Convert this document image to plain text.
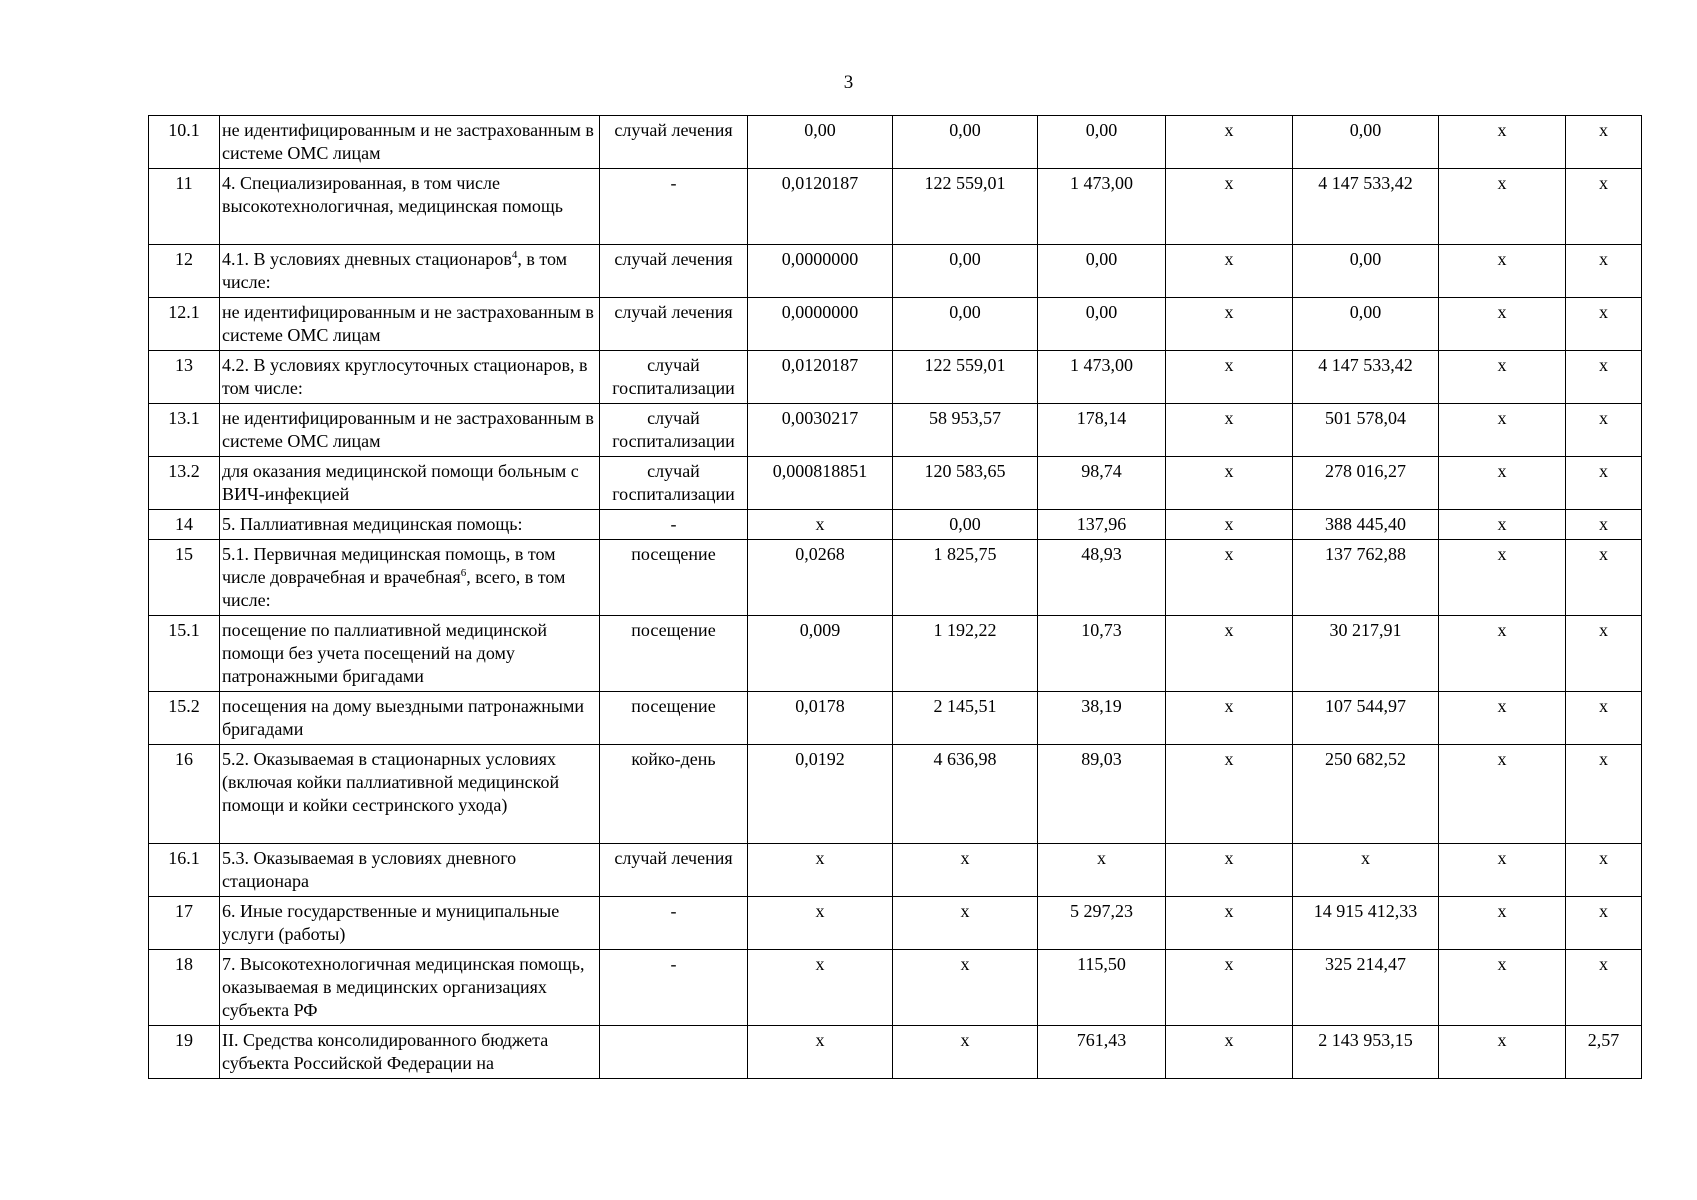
3
10.1	не идентифицированным и не застрахованным в системе ОМС лицам	случай лечения	0,00	0,00	0,00	х	0,00	х	х
11	4. Специализированная, в том числе высокотехнологичная, медицинская помощь	-	0,0120187	122 559,01	1 473,00	х	4 147 533,42	х	х
12	4.1. В условиях дневных стационаров$^4$, в том числе:	случай лечения	0,0000000	0,00	0,00	х	0,00	х	х
12.1	не идентифицированным и не застрахованным в системе ОМС лицам	случай лечения	0,0000000	0,00	0,00	х	0,00	х	х
13	4.2. В условиях круглосуточных стационаров, в том числе:	случай госпитализации	0,0120187	122 559,01	1 473,00	х	4 147 533,42	х	х
13.1	не идентифицированным и не застрахованным в системе ОМС лицам	случай госпитализации	0,0030217	58 953,57	178,14	х	501 578,04	х	х
13.2	для оказания медицинской помощи больным с ВИЧ-инфекцией	случай госпитализации	0,000818851	120 583,65	98,74	х	278 016,27	х	х
14	5. Паллиативная медицинская помощь:	-	х	0,00	137,96	х	388 445,40	х	х
15	5.1. Первичная медицинская помощь, в том числе доврачебная и врачебная$^6$, всего, в том числе:	посещение	0,0268	1 825,75	48,93	х	137 762,88	х	х
15.1	посещение по паллиативной медицинской помощи без учета посещений на дому патронажными бригадами	посещение	0,009	1 192,22	10,73	х	30 217,91	х	х
15.2	посещения на дому выездными патронажными бригадами	посещение	0,0178	2 145,51	38,19	х	107 544,97	х	х
16	5.2. Оказываемая в стационарных условиях (включая койки паллиативной медицинской помощи и койки сестринского ухода)	койко-день	0,0192	4 636,98	89,03	х	250 682,52	х	х
16.1	5.3. Оказываемая в условиях дневного стационара	случай лечения	х	х	х	х	х	х	х
17	6. Иные государственные и муниципальные услуги (работы)	-	х	х	5 297,23	х	14 915 412,33	х	х
18	7. Высокотехнологичная медицинская помощь, оказываемая в медицинских организациях субъекта РФ	-	х	х	115,50	х	325 214,47	х	х
19	II. Средства консолидированного бюджета субъекта Российской Федерации на		х	х	761,43	х	2 143 953,15	х	2,57
